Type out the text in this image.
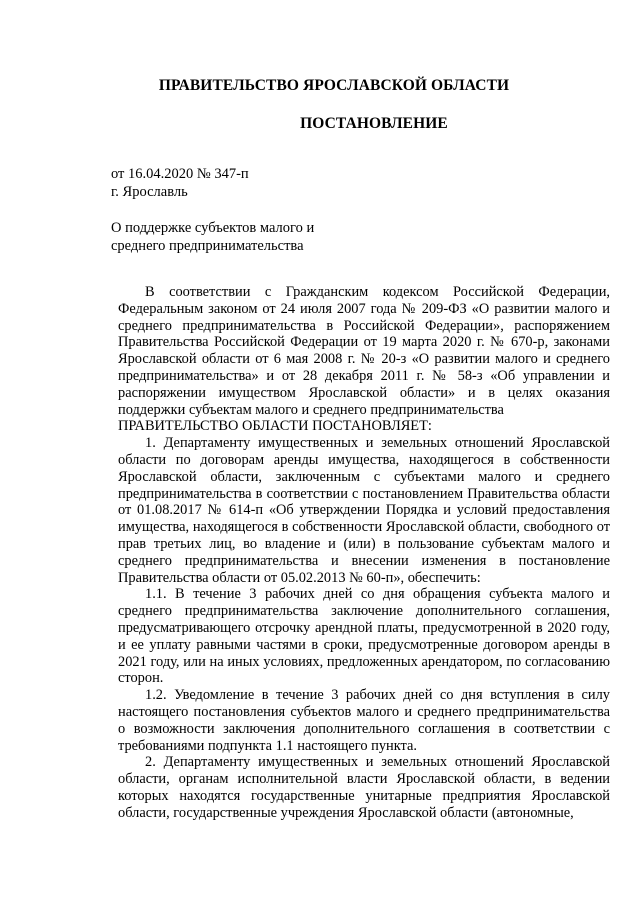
ПРАВИТЕЛЬСТВО ЯРОСЛАВСКОЙ ОБЛАСТИ
ПОСТАНОВЛЕНИЕ
от 16.04.2020 № 347-п
г. Ярославль
О поддержке субъектов малого и
среднего предпринимательства

В соответствии с Гражданским кодексом Российской Федерации, Федеральным законом от 24 июля 2007 года № 209-ФЗ «О развитии малого и среднего предпринимательства в Российской Федерации», распоряжением Правительства Российской Федерации от 19 марта 2020 г. № 670-р, законами Ярославской области от 6 мая 2008 г. № 20-з «О развитии малого и среднего предпринимательства» и от 28 декабря 2011 г. № 58-з «Об управлении и распоряжении имуществом Ярославской области» и в целях оказания поддержки субъектам малого и среднего предпринимательства

ПРАВИТЕЛЬСТВО ОБЛАСТИ ПОСТАНОВЛЯЕТ:

1. Департаменту имущественных и земельных отношений Ярославской области по договорам аренды имущества, находящегося в собственности Ярославской области, заключенным с субъектами малого и среднего предпринимательства в соответствии с постановлением Правительства области от 01.08.2017 № 614-п «Об утверждении Порядка и условий предоставления имущества, находящегося в собственности Ярославской области, свободного от прав третьих лиц, во владение и (или) в пользование субъектам малого и среднего предпринимательства и внесении изменения в постановление Правительства области от 05.02.2013 № 60-п», обеспечить:

1.1. В течение 3 рабочих дней со дня обращения субъекта малого и среднего предпринимательства заключение дополнительного соглашения, предусматривающего отсрочку арендной платы, предусмотренной в 2020 году, и ее уплату равными частями в сроки, предусмотренные договором аренды в 2021 году, или на иных условиях, предложенных арендатором, по согласованию сторон.

1.2. Уведомление в течение 3 рабочих дней со дня вступления в силу настоящего постановления субъектов малого и среднего предпринимательства о возможности заключения дополнительного соглашения в соответствии с требованиями подпункта 1.1 настоящего пункта.

2. Департаменту имущественных и земельных отношений Ярославской области, органам исполнительной власти Ярославской области, в ведении которых находятся государственные унитарные предприятия Ярославской области, государственные учреждения Ярославской области (автономные,
